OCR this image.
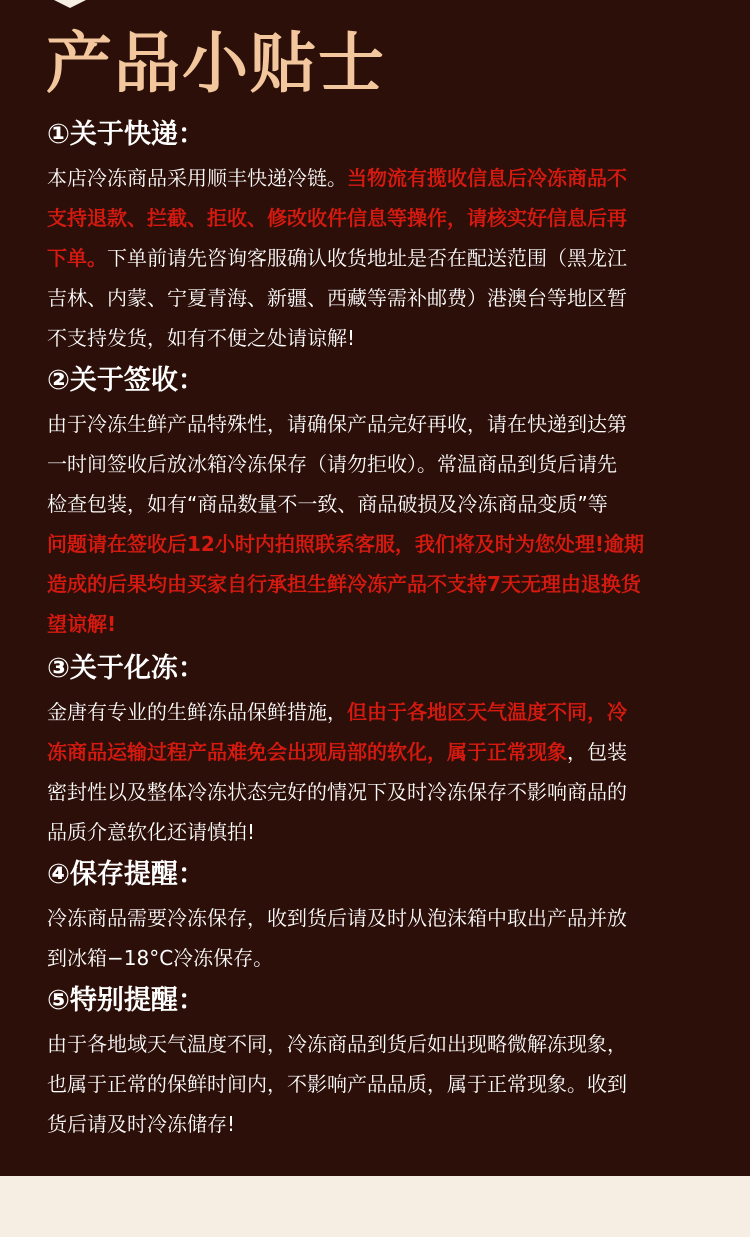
产品小贴士
①关于快递：

本店冷冻商品采用顺丰快递冷链。当物流有揽收信息后冷冻商品不
支持退款、拦截、拒收、修改收件信息等操作，请核实好信息后再
下单。下单前请先咨询客服确认收货地址是否在配送范围（黑龙江
吉林、内蒙、宁夏青海、新疆、西藏等需补邮费）港澳台等地区暂
不支持发货，如有不便之处请谅解!

②关于签收：

由于冷冻生鲜产品特殊性，请确保产品完好再收，请在快递到达第
一时间签收后放冰箱冷冻保存（请勿拒收）。常温商品到货后请先
检查包装，如有“商品数量不一致、商品破损及冷冻商品变质”等
问题请在签收后12小时内拍照联系客服，我们将及时为您处理!逾期
造成的后果均由买家自行承担生鲜冷冻产品不支持7天无理由退换货
望谅解!

③关于化冻：

金唐有专业的生鲜冻品保鲜措施，但由于各地区天气温度不同，冷
冻商品运输过程产品难免会出现局部的软化，属于正常现象，包装
密封性以及整体冷冻状态完好的情况下及时冷冻保存不影响商品的
品质介意软化还请慎拍!

④保存提醒：

冷冻商品需要冷冻保存，收到货后请及时从泡沫箱中取出产品并放
到冰箱−18°C冷冻保存。

⑤特别提醒：

由于各地域天气温度不同，冷冻商品到货后如出现略微解冻现象，
也属于正常的保鲜时间内，不影响产品品质，属于正常现象。收到
货后请及时冷冻储存!
